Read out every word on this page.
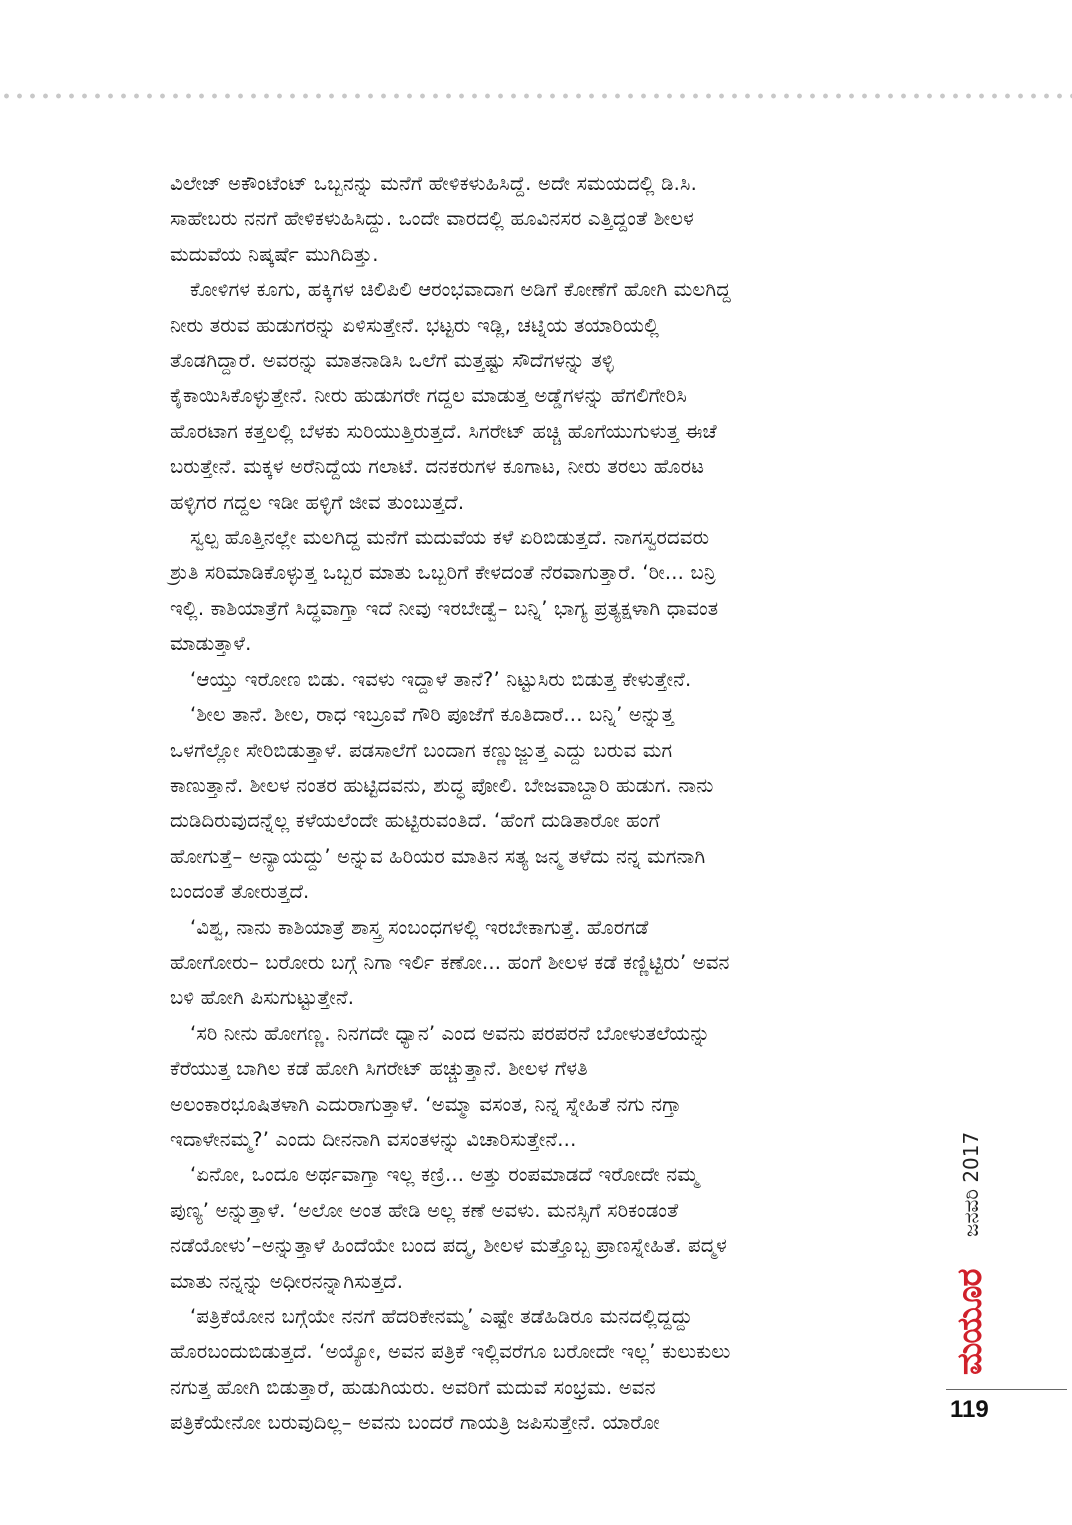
ವಿಲೇಜ್ ಅಕೌಂಟೆಂಟ್ ಒಬ್ಬನನ್ನು ಮನೆಗೆ ಹೇಳಿಕಳುಹಿಸಿದ್ದೆ. ಅದೇ ಸಮಯದಲ್ಲಿ ಡಿ.ಸಿ.

ಸಾಹೇಬರು ನನಗೆ ಹೇಳಿಕಳುಹಿಸಿದ್ದು. ಒಂದೇ ವಾರದಲ್ಲಿ ಹೂವಿನಸರ ಎತ್ತಿದ್ದಂತೆ ಶೀಲಳ

ಮದುವೆಯ ನಿಷ್ಕರ್ಷೆ ಮುಗಿದಿತ್ತು.

ಕೋಳಿಗಳ ಕೂಗು, ಹಕ್ಕಿಗಳ ಚಿಲಿಪಿಲಿ ಆರಂಭವಾದಾಗ ಅಡಿಗೆ ಕೋಣೆಗೆ ಹೋಗಿ ಮಲಗಿದ್ದ

ನೀರು ತರುವ ಹುಡುಗರನ್ನು ಏಳಿಸುತ್ತೇನೆ. ಭಟ್ಟರು ಇಡ್ಲಿ, ಚಟ್ನಿಯ ತಯಾರಿಯಲ್ಲಿ

ತೊಡಗಿದ್ದಾರೆ. ಅವರನ್ನು ಮಾತನಾಡಿಸಿ ಒಲೆಗೆ ಮತ್ತಷ್ಟು ಸೌದೆಗಳನ್ನು ತಳ್ಳಿ

ಕೈಕಾಯಿಸಿಕೊಳ್ಳುತ್ತೇನೆ. ನೀರು ಹುಡುಗರೇ ಗದ್ದಲ ಮಾಡುತ್ತ ಅಡ್ಡೆಗಳನ್ನು ಹೆಗಲಿಗೇರಿಸಿ

ಹೊರಟಾಗ ಕತ್ತಲಲ್ಲಿ ಬೆಳಕು ಸುರಿಯುತ್ತಿರುತ್ತದೆ. ಸಿಗರೇಟ್ ಹಚ್ಚಿ ಹೊಗೆಯುಗುಳುತ್ತ ಈಚೆ

ಬರುತ್ತೇನೆ. ಮಕ್ಕಳ ಅರೆನಿದ್ದೆಯ ಗಲಾಟೆ. ದನಕರುಗಳ ಕೂಗಾಟ, ನೀರು ತರಲು ಹೊರಟ

ಹಳ್ಳಿಗರ ಗದ್ದಲ ಇಡೀ ಹಳ್ಳಿಗೆ ಜೀವ ತುಂಬುತ್ತದೆ.

ಸ್ವಲ್ಪ ಹೊತ್ತಿನಲ್ಲೇ ಮಲಗಿದ್ದ ಮನೆಗೆ ಮದುವೆಯ ಕಳೆ ಏರಿಬಿಡುತ್ತದೆ. ನಾಗಸ್ವರದವರು

ಶ್ರುತಿ ಸರಿಮಾಡಿಕೊಳ್ಳುತ್ತ ಒಬ್ಬರ ಮಾತು ಒಬ್ಬರಿಗೆ ಕೇಳದಂತೆ ನೆರವಾಗುತ್ತಾರೆ. ‘ರೀ... ಬನ್ರಿ

ಇಲ್ಲಿ. ಕಾಶಿಯಾತ್ರೆಗೆ ಸಿದ್ಧವಾಗ್ತಾ ಇದೆ ನೀವು ಇರಬೇಡ್ವೆ– ಬನ್ನಿ’ ಭಾಗ್ಯ ಪ್ರತ್ಯಕ್ಷಳಾಗಿ ಧಾವಂತ

ಮಾಡುತ್ತಾಳೆ.

‘ಆಯ್ತು ಇರೋಣ ಬಿಡು. ಇವಳು ಇದ್ದಾಳೆ ತಾನೆ?’ ನಿಟ್ಟುಸಿರು ಬಿಡುತ್ತ ಕೇಳುತ್ತೇನೆ.

‘ಶೀಲ ತಾನೆ. ಶೀಲ, ರಾಧ ಇಬ್ರೂವೆ ಗೌರಿ ಪೂಜೆಗೆ ಕೂತಿದಾರೆ... ಬನ್ನಿ’ ಅನ್ನುತ್ತ

ಒಳಗೆಲ್ಲೋ ಸೇರಿಬಿಡುತ್ತಾಳೆ. ಪಡಸಾಲೆಗೆ ಬಂದಾಗ ಕಣ್ಣುಜ್ಜುತ್ತ ಎದ್ದು ಬರುವ ಮಗ

ಕಾಣುತ್ತಾನೆ. ಶೀಲಳ ನಂತರ ಹುಟ್ಟಿದವನು, ಶುದ್ಧ ಪೋಲಿ. ಬೇಜವಾಬ್ದಾರಿ ಹುಡುಗ. ನಾನು

ದುಡಿದಿರುವುದನ್ನೆಲ್ಲ ಕಳೆಯಲೆಂದೇ ಹುಟ್ಟಿರುವಂತಿದೆ. ‘ಹೆಂಗೆ ದುಡಿತಾರೋ ಹಂಗೆ

ಹೋಗುತ್ತೆ– ಅನ್ಯಾಯದ್ದು’ ಅನ್ನುವ ಹಿರಿಯರ ಮಾತಿನ ಸತ್ಯ ಜನ್ಮ ತಳೆದು ನನ್ನ ಮಗನಾಗಿ

ಬಂದಂತೆ ತೋರುತ್ತದೆ.

‘ವಿಶ್ವ, ನಾನು ಕಾಶಿಯಾತ್ರೆ ಶಾಸ್ತ್ರ ಸಂಬಂಧಗಳಲ್ಲಿ ಇರಬೇಕಾಗುತ್ತೆ. ಹೊರಗಡೆ

ಹೋಗೋರು– ಬರೋರು ಬಗ್ಗೆ ನಿಗಾ ಇರ್ಲಿ ಕಣೋ... ಹಂಗೆ ಶೀಲಳ ಕಡೆ ಕಣ್ಣಿಟ್ಟಿರು’ ಅವನ

ಬಳಿ ಹೋಗಿ ಪಿಸುಗುಟ್ಟುತ್ತೇನೆ.

‘ಸರಿ ನೀನು ಹೋಗಣ್ಣ. ನಿನಗದೇ ಧ್ಯಾನ’ ಎಂದ ಅವನು ಪರಪರನೆ ಬೋಳುತಲೆಯನ್ನು

ಕೆರೆಯುತ್ತ ಬಾಗಿಲ ಕಡೆ ಹೋಗಿ ಸಿಗರೇಟ್ ಹಚ್ಚುತ್ತಾನೆ. ಶೀಲಳ ಗೆಳತಿ

ಅಲಂಕಾರಭೂಷಿತಳಾಗಿ ಎದುರಾಗುತ್ತಾಳೆ. ‘ಅಮ್ಮಾ ವಸಂತ, ನಿನ್ನ ಸ್ನೇಹಿತೆ ನಗು ನಗ್ತಾ

ಇದಾಳೇನಮ್ಮ?’ ಎಂದು ದೀನನಾಗಿ ವಸಂತಳನ್ನು ವಿಚಾರಿಸುತ್ತೇನೆ...

‘ಏನೋ, ಒಂದೂ ಅರ್ಥವಾಗ್ತಾ ಇಲ್ಲ ಕಣ್ರಿ... ಅತ್ತು ರಂಪಮಾಡದೆ ಇರೋದೇ ನಮ್ಮ

ಪುಣ್ಯ’ ಅನ್ನುತ್ತಾಳೆ. ‘ಅಲೋ ಅಂತ ಹೇಡಿ ಅಲ್ಲ ಕಣೆ ಅವಳು. ಮನಸ್ಸಿಗೆ ಸರಿಕಂಡಂತೆ

ನಡೆಯೋಳು’–ಅನ್ನುತ್ತಾಳೆ ಹಿಂದೆಯೇ ಬಂದ ಪದ್ಮ, ಶೀಲಳ ಮತ್ತೊಬ್ಬ ಪ್ರಾಣಸ್ನೇಹಿತೆ. ಪದ್ಮಳ

ಮಾತು ನನ್ನನ್ನು ಅಧೀರನನ್ನಾಗಿಸುತ್ತದೆ.

‘ಪತ್ರಿಕೆಯೋನ ಬಗ್ಗೆಯೇ ನನಗೆ ಹೆದರಿಕೇನಮ್ಮ’ ಎಷ್ಟೇ ತಡೆಹಿಡಿರೂ ಮನದಲ್ಲಿದ್ದದ್ದು

ಹೊರಬಂದುಬಿಡುತ್ತದೆ. ‘ಅಯ್ಯೋ, ಅವನ ಪತ್ರಿಕೆ ಇಲ್ಲಿವರೆಗೂ ಬರೋದೇ ಇಲ್ಲ’ ಕುಲುಕುಲು

ನಗುತ್ತ ಹೋಗಿ ಬಿಡುತ್ತಾರೆ, ಹುಡುಗಿಯರು. ಅವರಿಗೆ ಮದುವೆ ಸಂಭ್ರಮ. ಅವನ

ಪತ್ರಿಕೆಯೇನೋ ಬರುವುದಿಲ್ಲ– ಅವನು ಬಂದರೆ ಗಾಯತ್ರಿ ಜಪಿಸುತ್ತೇನೆ. ಯಾರೋ

ಜನವರಿ 2017
ಮಯೂರ
119
